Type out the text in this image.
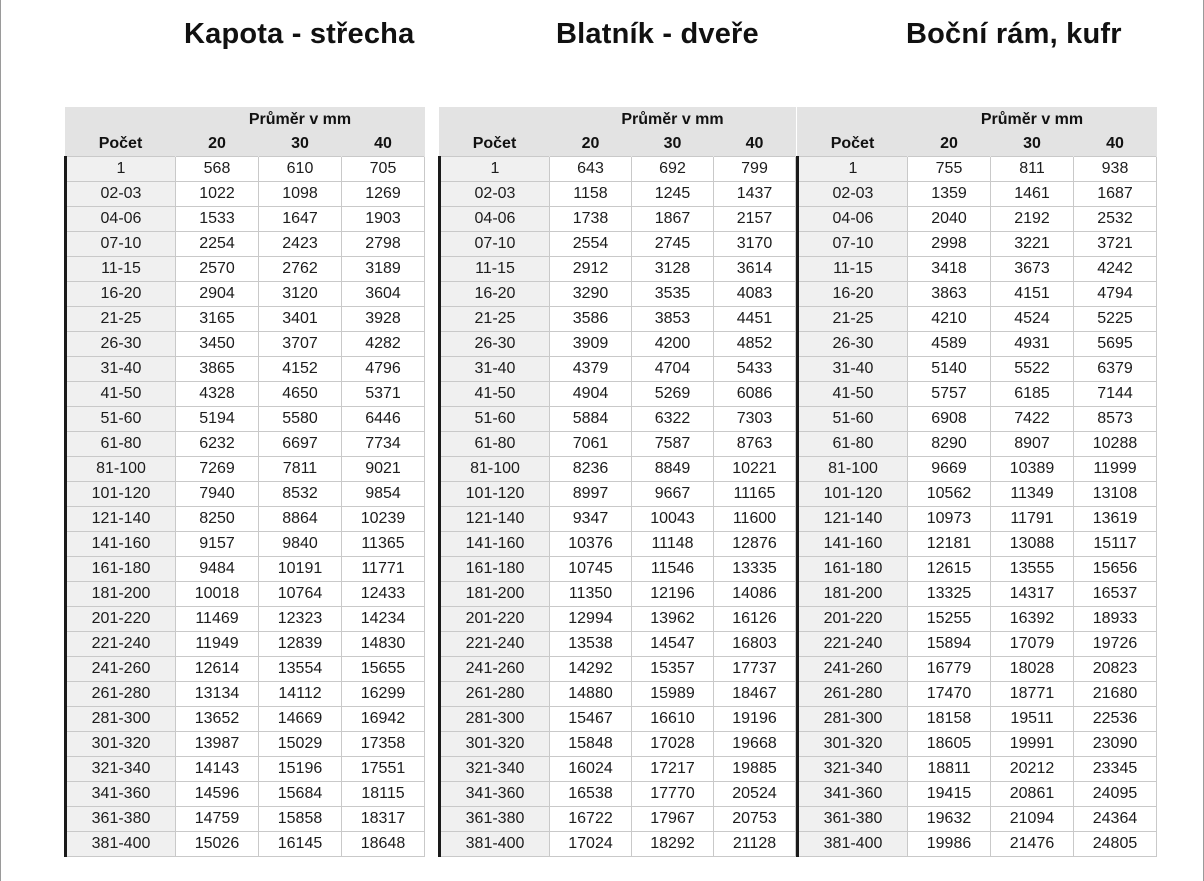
Kapota - střecha	Blatník - dveře	Boční rám, kufr
	Průměr v mm		
Počet	20	30	40
1	568	610	705
02-03	1022	1098	1269
04-06	1533	1647	1903
07-10	2254	2423	2798
11-15	2570	2762	3189
16-20	2904	3120	3604
21-25	3165	3401	3928
26-30	3450	3707	4282
31-40	3865	4152	4796
41-50	4328	4650	5371
51-60	5194	5580	6446
61-80	6232	6697	7734
81-100	7269	7811	9021
101-120	7940	8532	9854
121-140	8250	8864	10239
141-160	9157	9840	11365
161-180	9484	10191	11771
181-200	10018	10764	12433
201-220	11469	12323	14234
221-240	11949	12839	14830
241-260	12614	13554	15655
261-280	13134	14112	16299
281-300	13652	14669	16942
301-320	13987	15029	17358
321-340	14143	15196	17551
341-360	14596	15684	18115
361-380	14759	15858	18317
381-400	15026	16145	18648
	Průměr v mm		
Počet	20	30	40
1	643	692	799
02-03	1158	1245	1437
04-06	1738	1867	2157
07-10	2554	2745	3170
11-15	2912	3128	3614
16-20	3290	3535	4083
21-25	3586	3853	4451
26-30	3909	4200	4852
31-40	4379	4704	5433
41-50	4904	5269	6086
51-60	5884	6322	7303
61-80	7061	7587	8763
81-100	8236	8849	10221
101-120	8997	9667	11165
121-140	9347	10043	11600
141-160	10376	11148	12876
161-180	10745	11546	13335
181-200	11350	12196	14086
201-220	12994	13962	16126
221-240	13538	14547	16803
241-260	14292	15357	17737
261-280	14880	15989	18467
281-300	15467	16610	19196
301-320	15848	17028	19668
321-340	16024	17217	19885
341-360	16538	17770	20524
361-380	16722	17967	20753
381-400	17024	18292	21128
	Průměr v mm		
Počet	20	30	40
1	755	811	938
02-03	1359	1461	1687
04-06	2040	2192	2532
07-10	2998	3221	3721
11-15	3418	3673	4242
16-20	3863	4151	4794
21-25	4210	4524	5225
26-30	4589	4931	5695
31-40	5140	5522	6379
41-50	5757	6185	7144
51-60	6908	7422	8573
61-80	8290	8907	10288
81-100	9669	10389	11999
101-120	10562	11349	13108
121-140	10973	11791	13619
141-160	12181	13088	15117
161-180	12615	13555	15656
181-200	13325	14317	16537
201-220	15255	16392	18933
221-240	15894	17079	19726
241-260	16779	18028	20823
261-280	17470	18771	21680
281-300	18158	19511	22536
301-320	18605	19991	23090
321-340	18811	20212	23345
341-360	19415	20861	24095
361-380	19632	21094	24364
381-400	19986	21476	24805
